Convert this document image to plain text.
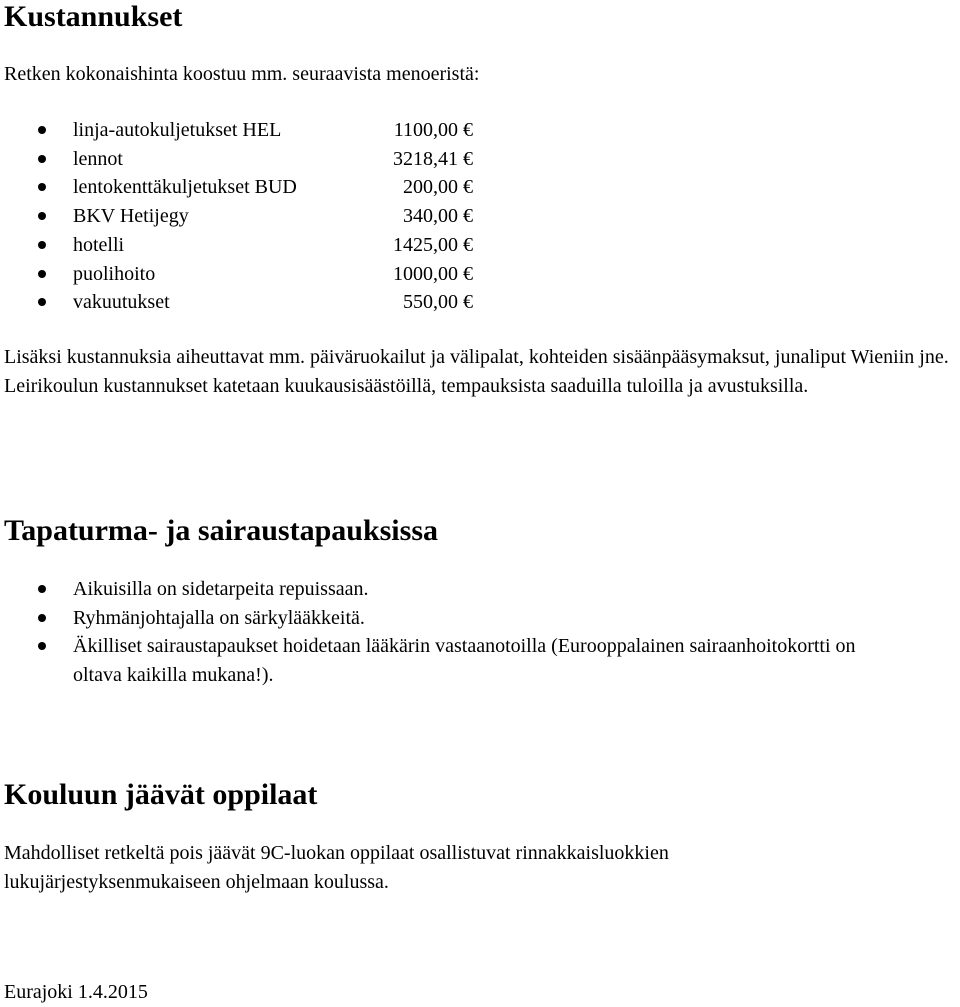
Kustannukset

Retken kokonaishinta koostuu mm. seuraavista menoeristä:

linja-autokuljetukset HEL	1100,00 €
lennot	3218,41 €
lentokenttäkuljetukset BUD	200,00 €
BKV Hetijegy	340,00 €
hotelli	1425,00 €
puolihoito	1000,00 €
vakuutukset	550,00 €

Lisäksi kustannuksia aiheuttavat mm. päiväruokailut ja välipalat, kohteiden sisäänpääsymaksut, junaliput Wieniin jne. Leirikoulun kustannukset katetaan kuukausisäästöillä, tempauksista saaduilla tuloilla ja avustuksilla.

Tapaturma- ja sairaustapauksissa
Aikuisilla on sidetarpeita repuissaan.
Ryhmänjohtajalla on särkylääkkeitä.
Äkilliset sairaustapaukset hoidetaan lääkärin vastaanotoilla (Eurooppalainen sairaanhoitokortti on oltava kaikilla mukana!).
Kouluun jäävät oppilaat

Mahdolliset retkeltä pois jäävät 9C-luokan oppilaat osallistuvat rinnakkaisluokkien lukujärjestyksenmukaiseen ohjelmaan koulussa.

Eurajoki 1.4.2015
